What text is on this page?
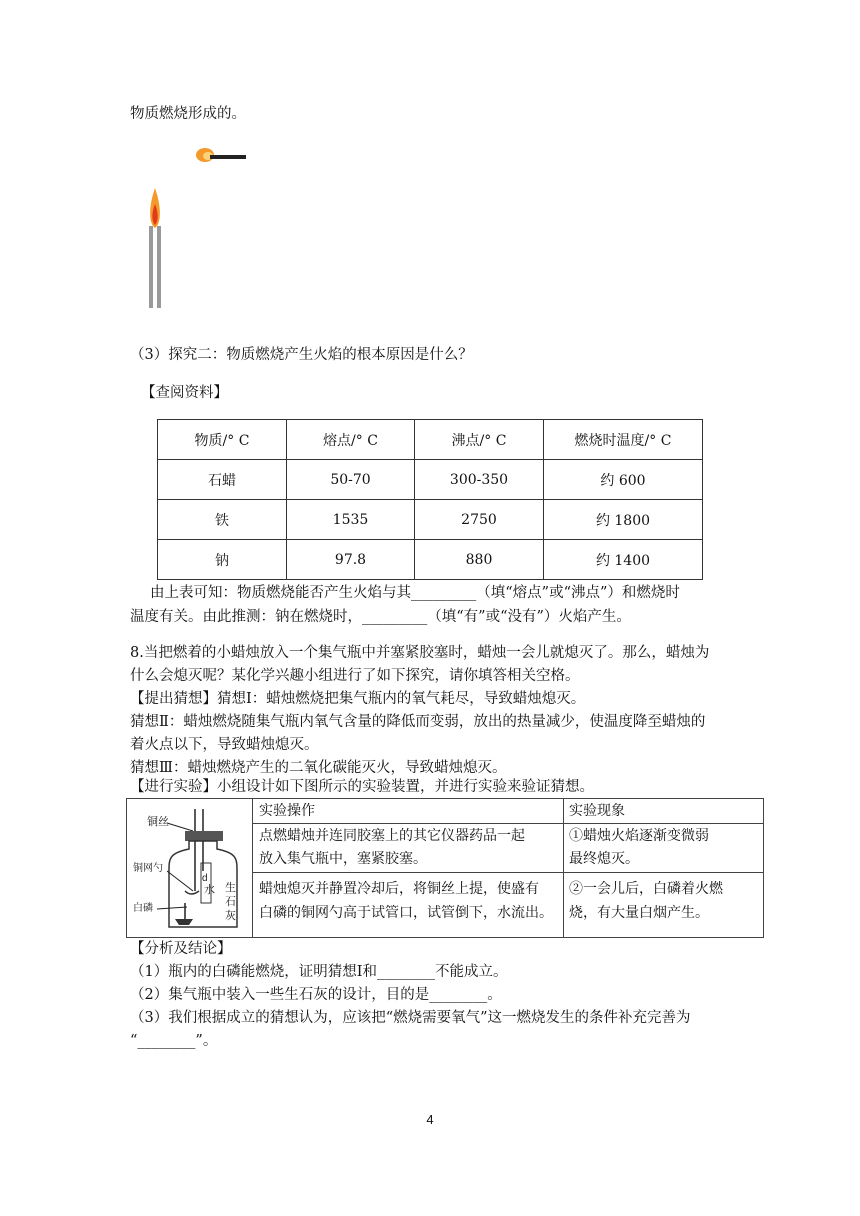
物质燃烧形成的。
（3）探究二：物质燃烧产生火焰的根本原因是什么？
【查阅资料】
物质/° C	熔点/° C	沸点/° C	燃烧时温度/° C
石蜡	50-70	300-350	约 600
铁	1535	2750	约 1800
钠	97.8	880	约 1400
由上表可知：物质燃烧能否产生火焰与其_________（填“熔点”或“沸点”）和燃烧时
温度有关。由此推测：钠在燃烧时，_________（填“有”或“没有”）火焰产生。
8.当把燃着的小蜡烛放入一个集气瓶中并塞紧胶塞时，蜡烛一会儿就熄灭了。那么，蜡烛为
什么会熄灭呢？某化学兴趣小组进行了如下探究，请你填答相关空格。
【提出猜想】猜想Ⅰ：蜡烛燃烧把集气瓶内的氧气耗尽，导致蜡烛熄灭。
猜想Ⅱ：蜡烛燃烧随集气瓶内氧气含量的降低而变弱，放出的热量减少，使温度降至蜡烛的
着火点以下，导致蜡烛熄灭。
猜想Ⅲ：蜡烛燃烧产生的二氧化碳能灭火，导致蜡烛熄灭。
【进行实验】小组设计如下图所示的实验装置，并进行实验来验证猜想。
铜丝
d
水
铜网勺
白磷
生
石
灰
实验操作	实验现象
点燃蜡烛并连同胶塞上的其它仪器药品一起
放入集气瓶中，塞紧胶塞。
①蜡烛火焰逐渐变微弱
最终熄灭。
蜡烛熄灭并静置冷却后，将铜丝上提，使盛有
白磷的铜网勺高于试管口，试管倒下，水流出。
②一会儿后，白磷着火燃
烧，有大量白烟产生。
【分析及结论】
（1）瓶内的白磷能燃烧，证明猜想Ⅰ和________不能成立。
（2）集气瓶中装入一些生石灰的设计，目的是________。
（3）我们根据成立的猜想认为，应该把“燃烧需要氧气”这一燃烧发生的条件补充完善为
“________”。
4
